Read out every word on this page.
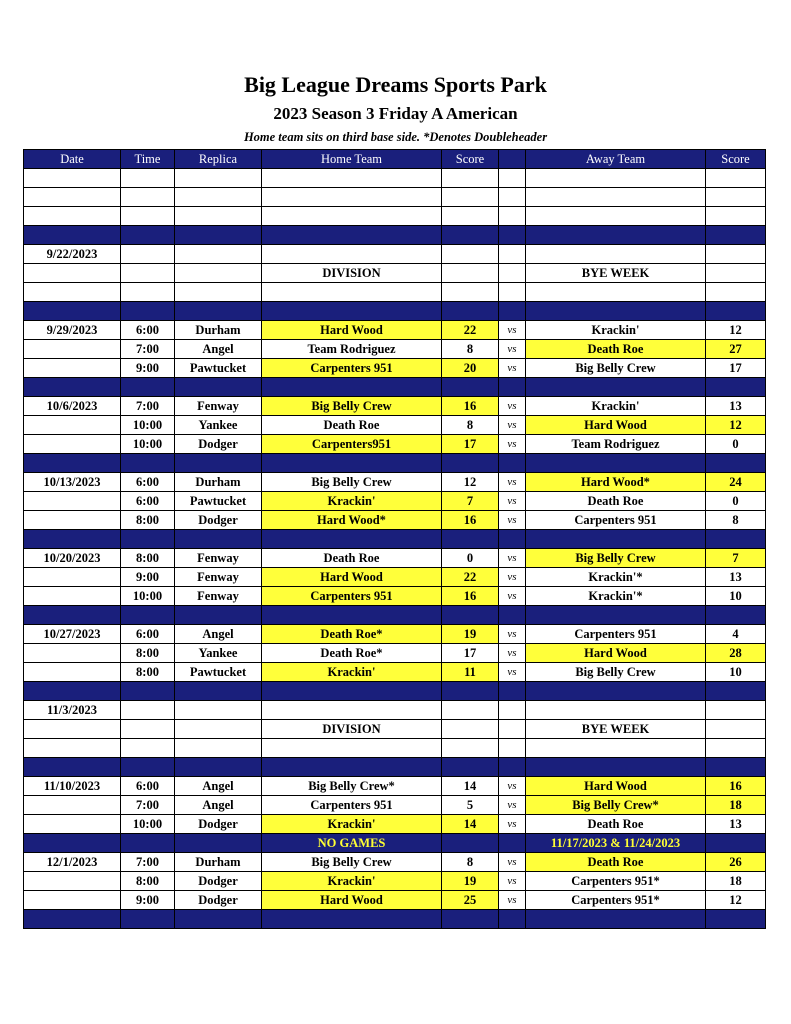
Big League Dreams Sports Park
2023 Season 3 Friday A American
Home team sits on third base side. *Denotes Doubleheader
Date	Time	Replica	Home Team	Score		Away Team	Score

9/22/2023							
			DIVISION			BYE WEEK	

9/29/2023	6:00	Durham	Hard Wood	22	vs	Krackin'	12
	7:00	Angel	Team Rodriguez	8	vs	Death Roe	27
	9:00	Pawtucket	Carpenters 951	20	vs	Big Belly Crew	17

10/6/2023	7:00	Fenway	Big Belly Crew	16	vs	Krackin'	13
	10:00	Yankee	Death Roe	8	vs	Hard Wood	12
	10:00	Dodger	Carpenters951	17	vs	Team Rodriguez	0

10/13/2023	6:00	Durham	Big Belly Crew	12	vs	Hard Wood*	24
	6:00	Pawtucket	Krackin'	7	vs	Death Roe	0
	8:00	Dodger	Hard Wood*	16	vs	Carpenters 951	8

10/20/2023	8:00	Fenway	Death Roe	0	vs	Big Belly Crew	7
	9:00	Fenway	Hard Wood	22	vs	Krackin'*	13
	10:00	Fenway	Carpenters 951	16	vs	Krackin'*	10

10/27/2023	6:00	Angel	Death Roe*	19	vs	Carpenters 951	4
	8:00	Yankee	Death Roe*	17	vs	Hard Wood	28
	8:00	Pawtucket	Krackin'	11	vs	Big Belly Crew	10

11/3/2023							
			DIVISION			BYE WEEK	

11/10/2023	6:00	Angel	Big Belly Crew*	14	vs	Hard Wood	16
	7:00	Angel	Carpenters 951	5	vs	Big Belly Crew*	18
	10:00	Dodger	Krackin'	14	vs	Death Roe	13
			NO GAMES			11/17/2023 & 11/24/2023	
12/1/2023	7:00	Durham	Big Belly Crew	8	vs	Death Roe	26
	8:00	Dodger	Krackin'	19	vs	Carpenters 951*	18
	9:00	Dodger	Hard Wood	25	vs	Carpenters 951*	12
